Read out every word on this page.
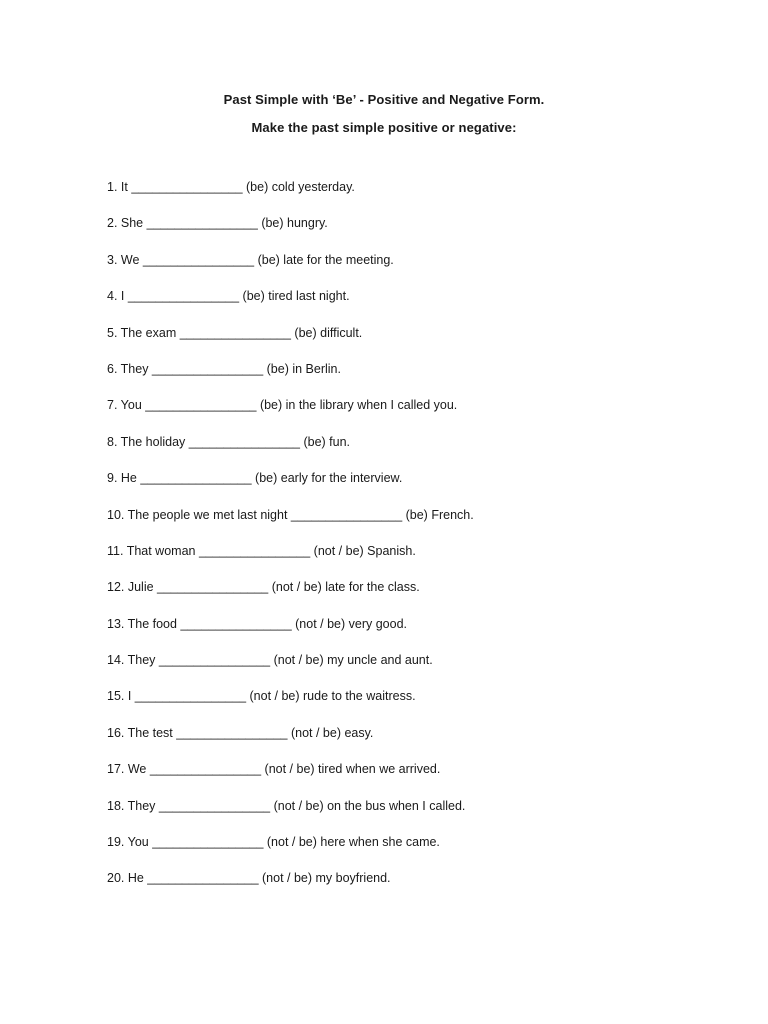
Past Simple with ‘Be’ - Positive and Negative Form.
Make the past simple positive or negative:
1. It ________________ (be) cold yesterday.
2. She ________________ (be) hungry.
3. We ________________ (be) late for the meeting.
4. I ________________ (be) tired last night.
5. The exam ________________ (be) difficult.
6. They ________________ (be) in Berlin.
7. You ________________ (be) in the library when I called you.
8. The holiday ________________ (be) fun.
9. He ________________ (be) early for the interview.
10. The people we met last night ________________ (be) French.
11. That woman ________________ (not / be) Spanish.
12. Julie ________________ (not / be) late for the class.
13. The food ________________ (not / be) very good.
14. They ________________ (not / be) my uncle and aunt.
15. I ________________ (not / be) rude to the waitress.
16. The test ________________ (not / be) easy.
17. We ________________ (not / be) tired when we arrived.
18. They ________________ (not / be) on the bus when I called.
19. You ________________ (not / be) here when she came.
20. He ________________ (not / be) my boyfriend.
